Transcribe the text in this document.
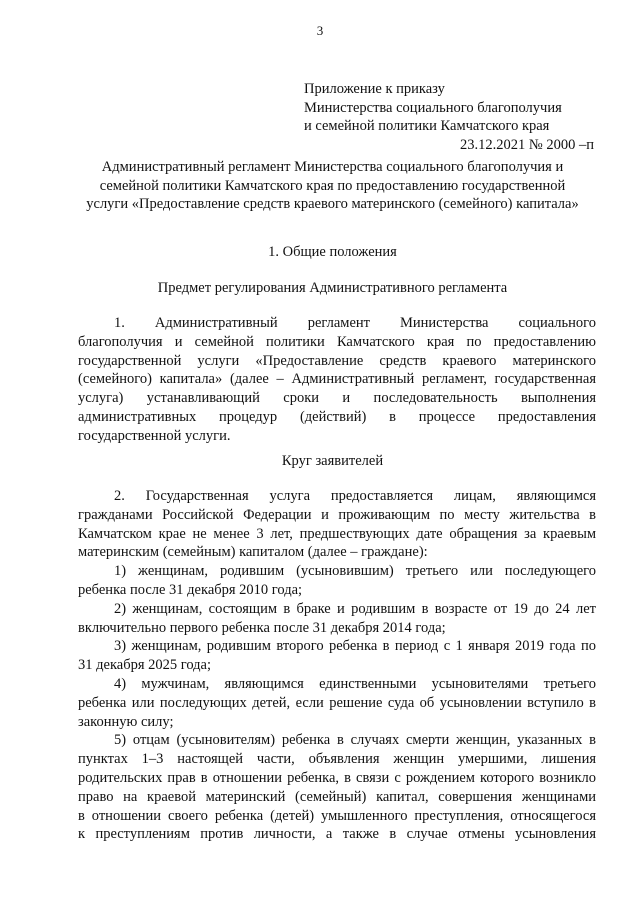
3
Приложение к приказу
Министерства социального благополучия
и семейной политики Камчатского края
23.12.2021 № 2000 –п
Административный регламент Министерства социального благополучия и
семейной политики Камчатского края по предоставлению государственной
услуги «Предоставление средств краевого материнского (семейного) капитала»
1. Общие положения
Предмет регулирования Административного регламента
1. Административный регламент Министерства социального
благополучия и семейной политики Камчатского края по предоставлению
государственной услуги «Предоставление средств краевого материнского
(семейного) капитала» (далее – Административный регламент, государственная
услуга) устанавливающий сроки и последовательность выполнения
административных процедур (действий) в процессе предоставления
государственной услуги.
Круг заявителей
2. Государственная услуга предоставляется лицам, являющимся
гражданами Российской Федерации и проживающим по месту жительства в
Камчатском крае не менее 3 лет, предшествующих дате обращения за краевым
материнским (семейным) капиталом (далее – граждане):
1) женщинам, родившим (усыновившим) третьего или последующего
ребенка после 31 декабря 2010 года;
2) женщинам, состоящим в браке и родившим в возрасте от 19 до 24 лет
включительно первого ребенка после 31 декабря 2014 года;
3) женщинам, родившим второго ребенка в период с 1 января 2019 года по
31 декабря 2025 года;
4) мужчинам, являющимся единственными усыновителями третьего
ребенка или последующих детей, если решение суда об усыновлении вступило в
законную силу;
5) отцам (усыновителям) ребенка в случаях смерти женщин, указанных в
пунктах 1–3 настоящей части, объявления женщин умершими, лишения
родительских прав в отношении ребенка, в связи с рождением которого возникло
право на краевой материнский (семейный) капитал, совершения женщинами
в отношении своего ребенка (детей) умышленного преступления, относящегося
к преступлениям против личности, а также в случае отмены усыновления
